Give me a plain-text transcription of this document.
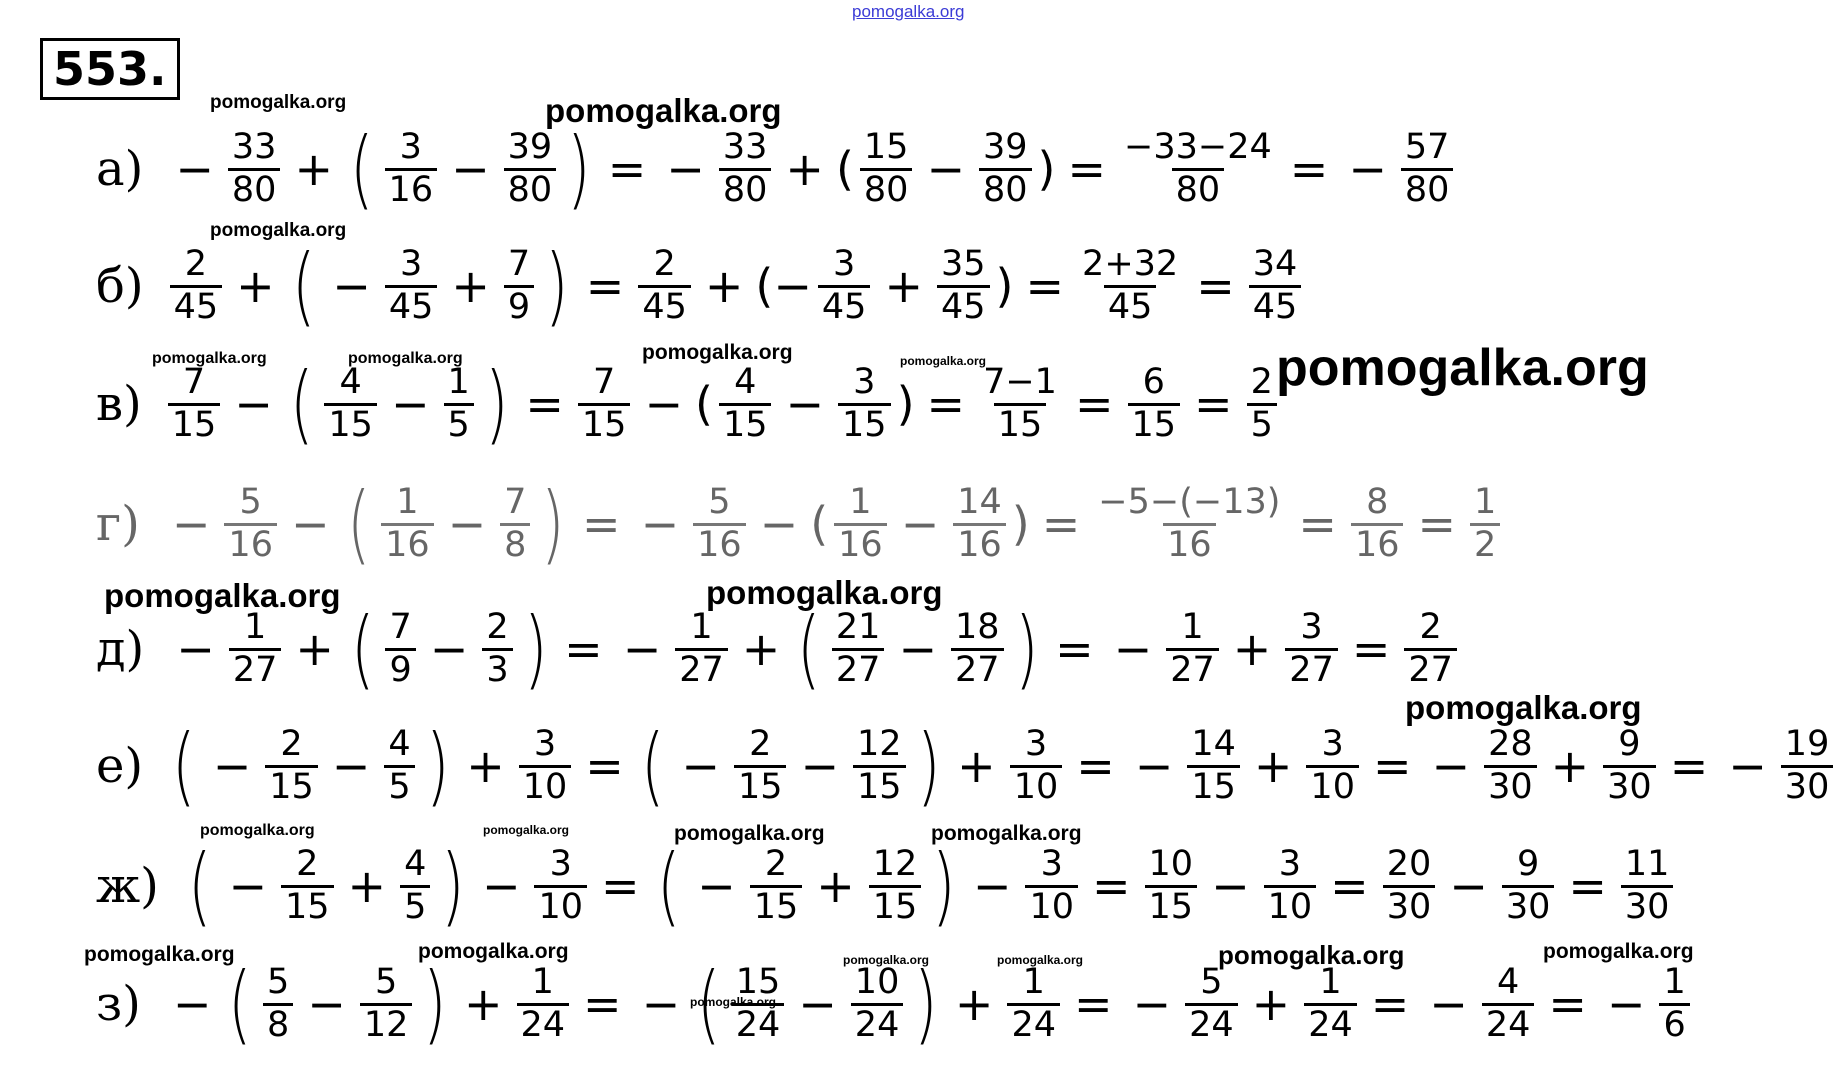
pomogalka.org
553.
pomogalka.org	pomogalka.org
pomogalka.org
pomogalka.org	pomogalka.org	pomogalka.org	pomogalka.org	pomogalka.org
pomogalka.org	pomogalka.org
pomogalka.org
pomogalka.org	pomogalka.org	pomogalka.org	pomogalka.org
pomogalka.org	pomogalka.org	pomogalka.org	pomogalka.org	pomogalka.org	pomogalka.org
pomogalka.org
$а) - \frac{33}{80}$ + ( $\frac{3}{16} - \frac{39}{80}$ ) = − $\frac{33}{80}$ + ( $\frac{15}{80} - \frac{39}{80}$ ) = $\frac{-33-24}{80}$ = − $\frac{57}{80}$
$б) \frac{2}{45}$ + ( − $\frac{3}{45} + \frac{7}{9}$ ) = $\frac{2}{45}$ + (− $\frac{3}{45} + \frac{35}{45}$ ) = $\frac{2+32}{45} = \frac{34}{45}$
$в) \frac{7}{15}$ − ( $\frac{4}{15} - \frac{1}{5}$ ) = $\frac{7}{15}$ − ( $\frac{4}{15} - \frac{3}{15}$ ) = $\frac{7-1}{15} = \frac{6}{15} = \frac{2}{5}$
$г) - \frac{5}{16}$ − ( $\frac{1}{16} - \frac{7}{8}$ ) = − $\frac{5}{16}$ − ( $\frac{1}{16} - \frac{14}{16}$ ) = $\frac{-5-(-13)}{16} = \frac{8}{16} = \frac{1}{2}$
$д) - \frac{1}{27}$ + ( $\frac{7}{9} - \frac{2}{3}$ ) = − $\frac{1}{27}$ + ( $\frac{21}{27} - \frac{18}{27}$ ) = − $\frac{1}{27} + \frac{3}{27} = \frac{2}{27}$
е) ( − $\frac{2}{15} - \frac{4}{5}$ ) + $\frac{3}{10}$ = ( − $\frac{2}{15} - \frac{12}{15}$ ) + $\frac{3}{10}$ = − $\frac{14}{15} + \frac{3}{10}$ = − $\frac{28}{30} + \frac{9}{30}$ = − $\frac{19}{30}$
ж) ( − $\frac{2}{15} + \frac{4}{5}$ ) − $\frac{3}{10}$ = ( − $\frac{2}{15} + \frac{12}{15}$ ) − $\frac{3}{10} = \frac{10}{15} - \frac{3}{10} = \frac{20}{30} - \frac{9}{30} = \frac{11}{30}$
з) − ( $\frac{5}{8} - \frac{5}{12}$ ) + $\frac{1}{24}$ = − ( $\frac{15}{24} - \frac{10}{24}$ ) + $\frac{1}{24}$ = − $\frac{5}{24} + \frac{1}{24}$ = − $\frac{4}{24}$ = − $\frac{1}{6}$
